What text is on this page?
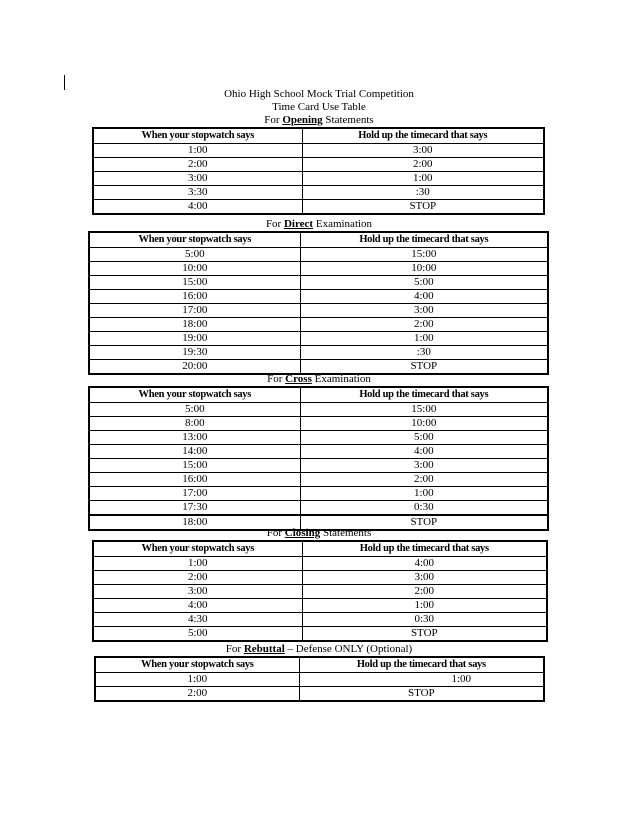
Ohio High School Mock Trial Competition
Time Card Use Table
For Opening Statements
When your stopwatch says	Hold up the timecard that says
1:00	3:00
2:00	2:00
3:00	1:00
3:30	:30
4:00	STOP
For Direct Examination
When your stopwatch says	Hold up the timecard that says
5:00	15:00
10:00	10:00
15:00	5:00
16:00	4:00
17:00	3:00
18:00	2:00
19:00	1:00
19:30	:30
20:00	STOP
For Cross Examination
When your stopwatch says	Hold up the timecard that says
5:00	15:00
8:00	10:00
13:00	5:00
14:00	4:00
15:00	3:00
16:00	2:00
17:00	1:00
17:30	0:30
18:00	STOP
For Closing Statements
When your stopwatch says	Hold up the timecard that says
1:00	4:00
2:00	3:00
3:00	2:00
4:00	1:00
4:30	0:30
5:00	STOP
For Rebuttal – Defense ONLY (Optional)
When your stopwatch says	Hold up the timecard that says
1:00	1:00
2:00	STOP
